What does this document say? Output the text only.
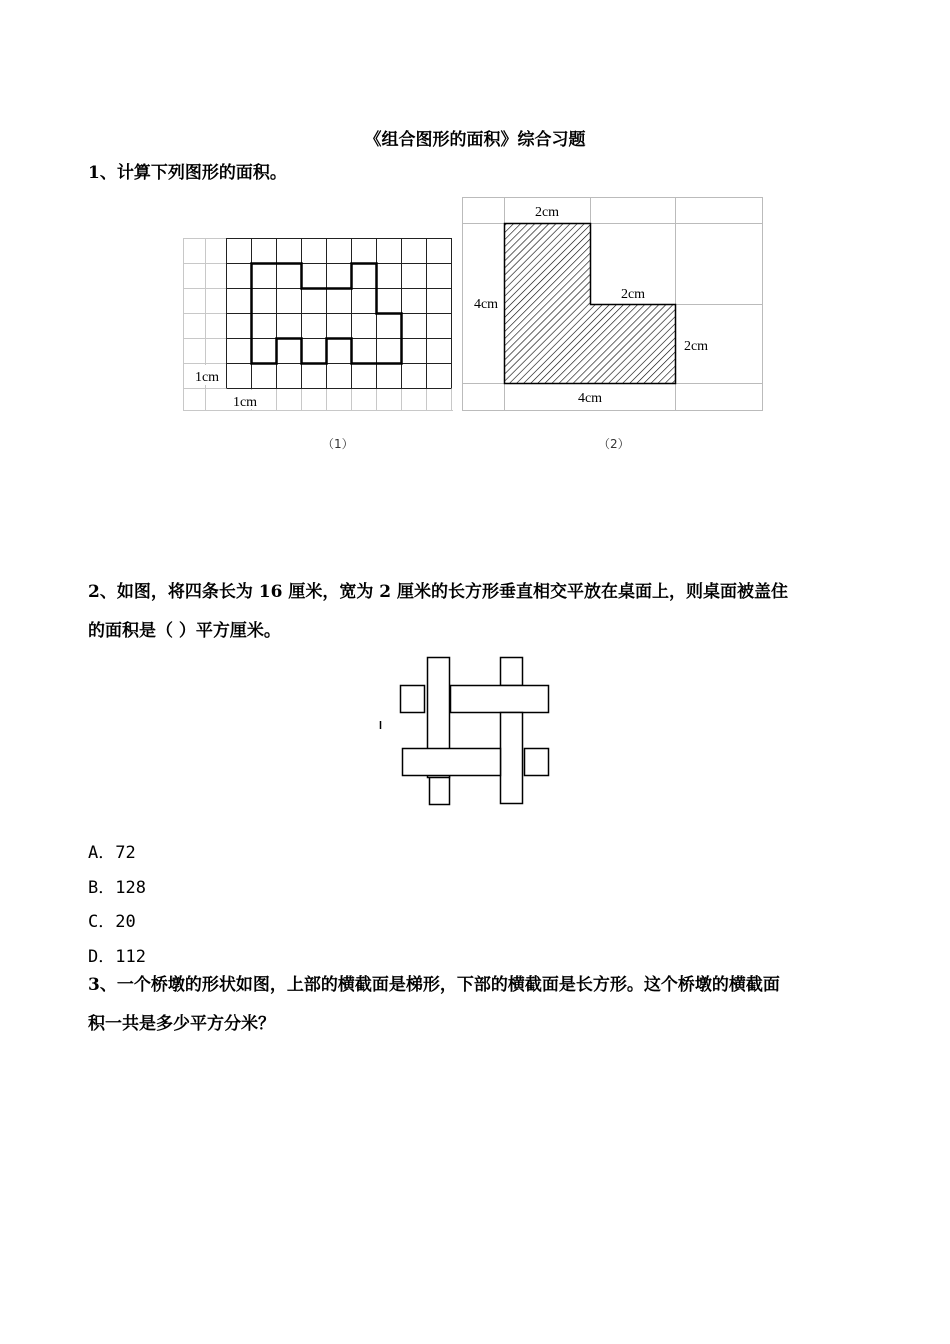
《组合图形的面积》综合习题
1、计算下列图形的面积。
1cm
1cm
2cm
2cm
4cm
2cm
4cm
（1）	（2）
2、如图，将四条长为 16 厘米，宽为 2 厘米的长方形垂直相交平放在桌面上，则桌面被盖住
的面积是（ ）平方厘米。
A．72
B．128
C．20
D．112
3、一个桥墩的形状如图，上部的横截面是梯形，下部的横截面是长方形。这个桥墩的横截面
积一共是多少平方分米？
